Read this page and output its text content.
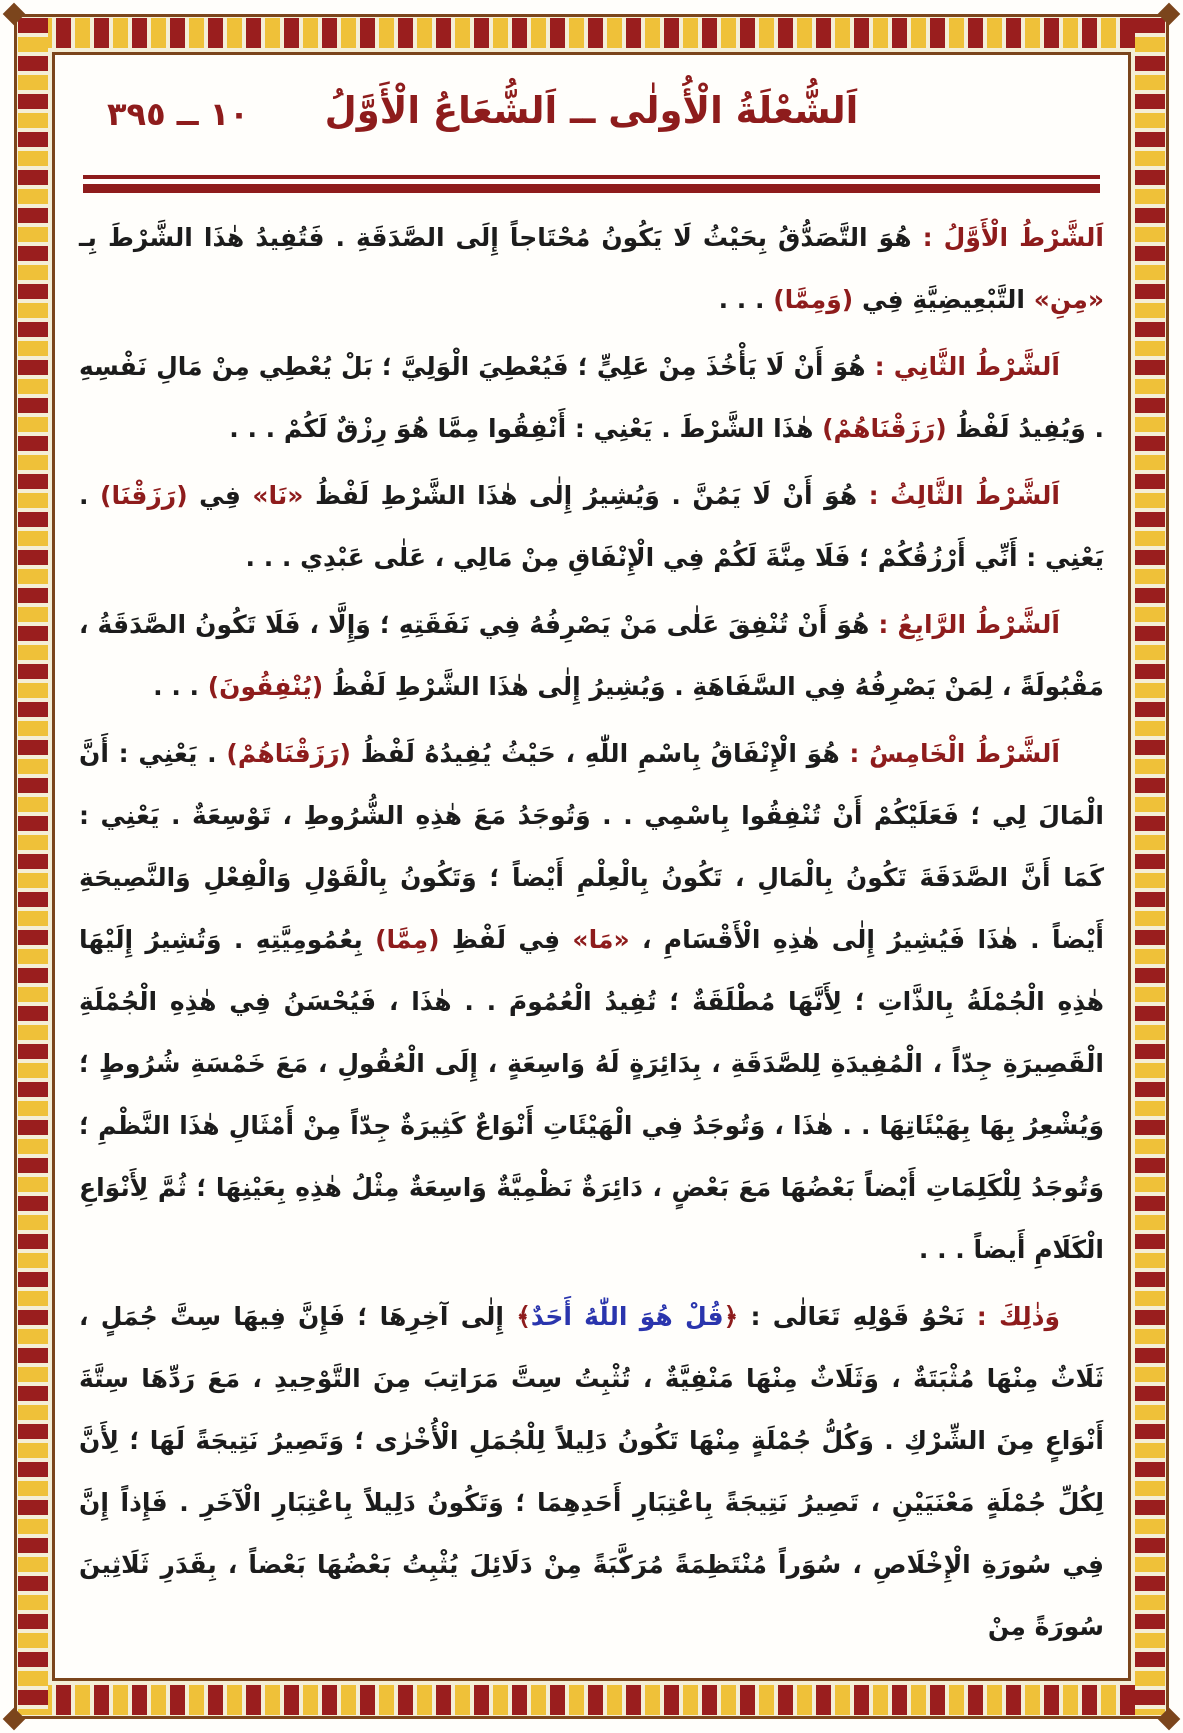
١٠ ــ ٣٩٥	اَلشُّعْلَةُ الْأُولٰى ــ اَلشُّعَاعُ الْأَوَّلُ

اَلشَّرْطُ الْأَوَّلُ : هُوَ التَّصَدُّقُ بِحَيْثُ لَا يَكُونُ مُحْتَاجاً إِلَى الصَّدَقَةِ . فَتُفِيدُ هٰذَا الشَّرْطَ بِـ «مِنِ» التَّبْعِيضِيَّةِ فِي (وَمِمَّا) . . .

اَلشَّرْطُ الثَّانِي : هُوَ أَنْ لَا يَأْخُذَ مِنْ عَلِيٍّ ؛ فَيُعْطِيَ الْوَلِيَّ ؛ بَلْ يُعْطِي مِنْ مَالِ نَفْسِهِ . وَيُفِيدُ لَفْظُ (رَزَقْنَاهُمْ) هٰذَا الشَّرْطَ . يَعْنِي : أَنْفِقُوا مِمَّا هُوَ رِزْقٌ لَكُمْ . . .

اَلشَّرْطُ الثَّالِثُ : هُوَ أَنْ لَا يَمُنَّ . وَيُشِيرُ إِلٰى هٰذَا الشَّرْطِ لَفْظُ «نَا» فِي (رَزَقْنَا) . يَعْنِي : أَنِّي أَرْزُقُكُمْ ؛ فَلَا مِنَّةَ لَكُمْ فِي الْإِنْفَاقِ مِنْ مَالِي ، عَلٰى عَبْدِي . . .

اَلشَّرْطُ الرَّابِعُ : هُوَ أَنْ تُنْفِقَ عَلٰى مَنْ يَصْرِفُهُ فِي نَفَقَتِهِ ؛ وَإِلَّا ، فَلَا تَكُونُ الصَّدَقَةُ ، مَقْبُولَةً ، لِمَنْ يَصْرِفُهُ فِي السَّفَاهَةِ . وَيُشِيرُ إِلٰى هٰذَا الشَّرْطِ لَفْظُ (يُنْفِقُونَ) . . .

اَلشَّرْطُ الْخَامِسُ : هُوَ الْإِنْفَاقُ بِاسْمِ اللّٰهِ ، حَيْثُ يُفِيدُهُ لَفْظُ (رَزَقْنَاهُمْ) . يَعْنِي : أَنَّ الْمَالَ لِي ؛ فَعَلَيْكُمْ أَنْ تُنْفِقُوا بِاسْمِي . . وَتُوجَدُ مَعَ هٰذِهِ الشُّرُوطِ ، تَوْسِعَةٌ . يَعْنِي : كَمَا أَنَّ الصَّدَقَةَ تَكُونُ بِالْمَالِ ، تَكُونُ بِالْعِلْمِ أَيْضاً ؛ وَتَكُونُ بِالْقَوْلِ وَالْفِعْلِ وَالنَّصِيحَةِ أَيْضاً . هٰذَا فَيُشِيرُ إِلٰى هٰذِهِ الْأَقْسَامِ ، «مَا» فِي لَفْظِ (مِمَّا) بِعُمُومِيَّتِهِ . وَتُشِيرُ إِلَيْهَا هٰذِهِ الْجُمْلَةُ بِالذَّاتِ ؛ لِأَنَّهَا مُطْلَقَةٌ ؛ تُفِيدُ الْعُمُومَ . . هٰذَا ، فَيُحْسَنُ فِي هٰذِهِ الْجُمْلَةِ الْقَصِيرَةِ جِدّاً ، الْمُفِيدَةِ لِلصَّدَقَةِ ، بِدَائِرَةٍ لَهُ وَاسِعَةٍ ، إِلَى الْعُقُولِ ، مَعَ خَمْسَةِ شُرُوطٍ ؛ وَيُشْعِرُ بِهَا بِهَيْئَاتِهَا . . هٰذَا ، وَتُوجَدُ فِي الْهَيْئَاتِ أَنْوَاعٌ كَثِيرَةٌ جِدّاً مِنْ أَمْثَالِ هٰذَا النَّظْمِ ؛ وَتُوجَدُ لِلْكَلِمَاتِ أَيْضاً بَعْضُهَا مَعَ بَعْضٍ ، دَائِرَةٌ نَظْمِيَّةٌ وَاسِعَةٌ مِثْلُ هٰذِهِ بِعَيْنِهَا ؛ ثُمَّ لِأَنْوَاعِ الْكَلَامِ أَيضاً . . .

وَذٰلِكَ : نَحْوُ قَوْلِهِ تَعَالٰى : ﴿قُلْ هُوَ اللّٰهُ أَحَدٌ﴾ إِلٰى آخِرِهَا ؛ فَإِنَّ فِيهَا سِتَّ جُمَلٍ ، ثَلَاثٌ مِنْهَا مُثْبَتَةٌ ، وَثَلَاثٌ مِنْهَا مَنْفِيَّةٌ ، تُثْبِتُ سِتَّ مَرَاتِبَ مِنَ التَّوْحِيدِ ، مَعَ رَدِّهَا سِتَّةَ أَنْوَاعٍ مِنَ الشِّرْكِ . وَكُلُّ جُمْلَةٍ مِنْهَا تَكُونُ دَلِيلاً لِلْجُمَلِ الْأُخْرٰى ؛ وَتَصِيرُ نَتِيجَةً لَهَا ؛ لِأَنَّ لِكُلِّ جُمْلَةٍ مَعْنَيَيْنِ ، تَصِيرُ نَتِيجَةً بِاعْتِبَارِ أَحَدِهِمَا ؛ وَتَكُونُ دَلِيلاً بِاعْتِبَارِ الْآخَرِ . فَإِذاً إِنَّ فِي سُورَةِ الْإِخْلَاصِ ، سُوَراً مُنْتَظِمَةً مُرَكَّبَةً مِنْ دَلَائِلَ يُثْبِتُ بَعْضُهَا بَعْضاً ، بِقَدَرِ ثَلَاثِينَ سُورَةً مِنْ
